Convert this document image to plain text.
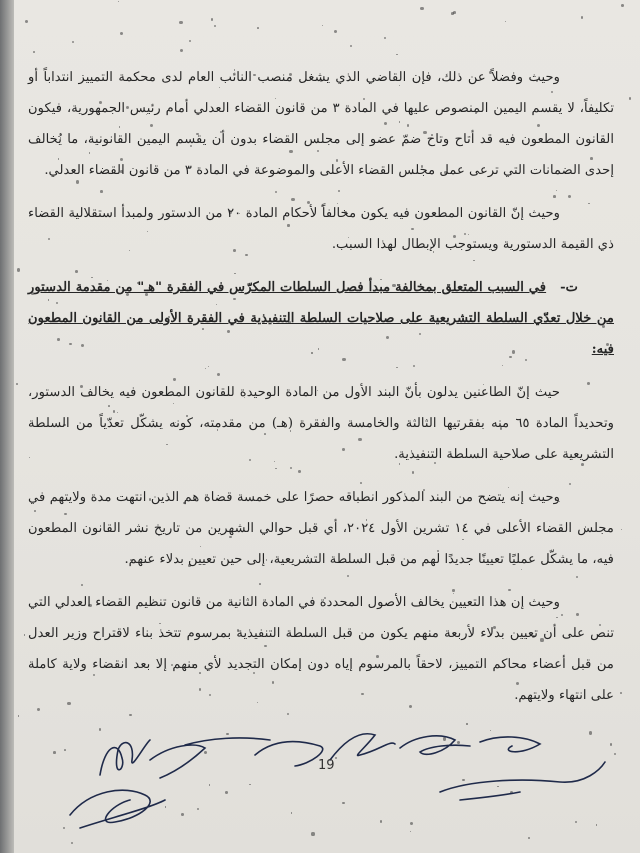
وحيث وفضلاً عن ذلك، فإن القاضي الذي يشغل منصب النائب العام لدى محكمة التمييز انتداباً أو تكليفاً، لا يقسم اليمين المنصوص عليها في المادة ٣ من قانون القضاء العدلي أمام رئيس الجمهورية، فيكون القانون المطعون فيه قد أتاح وتاح ضمّ عضو إلى مجلس القضاء بدون أن يقسم اليمين القانونية، ما يُخالف إحدى الضمانات التي ترعى عمل مجلس القضاء الأعلى والموضوعة في المادة ٣ من قانون القضاء العدلي.

وحيث إنّ القانون المطعون فيه يكون مخالفاً لأحكام المادة ٢٠ من الدستور ولمبدأ استقلالية القضاء ذي القيمة الدستورية ويستوجب الإبطال لهذا السبب.

ت-في السبب المتعلق بمخالفة مبدأ فصل السلطات المكرّس في الفقرة "هـ" من مقدمة الدستور من خلال تعدّي السلطة التشريعية على صلاحيات السلطة التنفيذية في الفقرة الأولى من القانون المطعون فيه:

حيث إنّ الطاعنين يدلون بأنّ البند الأول من المادة الوحيدة للقانون المطعون فيه يخالف الدستور، وتحديداً المادة ٦٥ منه بفقرتيها الثالثة والخامسة والفقرة (هـ) من مقدمته، كونه يشكّل تعدّياً من السلطة التشريعية على صلاحية السلطة التنفيذية.

وحيث إنه يتضح من البند المذكور انطباقه حصرًا على خمسة قضاة هم الذين انتهت مدة ولايتهم في مجلس القضاء الأعلى في ١٤ تشرين الأول ٢٠٢٤، أي قبل حوالي الشهرين من تاريخ نشر القانون المطعون فيه، ما يشكّل عمليًا تعيينًا جديدًا لهم من قبل السلطة التشريعية، إلى حين تعيين بدلاء عنهم.

وحيث إن هذا التعيين يخالف الأصول المحددة في المادة الثانية من قانون تنظيم القضاء العدلي التي تنص على أن تعيين بدلاء لأربعة منهم يكون من قبل السلطة التنفيذية بمرسوم تتخذ بناء لاقتراح وزير العدل من قبل أعضاء محاكم التمييز، لاحقاً بالمرسوم إياه دون إمكان التجديد لأي منهم إلا بعد انقضاء ولاية كاملة على انتهاء ولايتهم.

19
